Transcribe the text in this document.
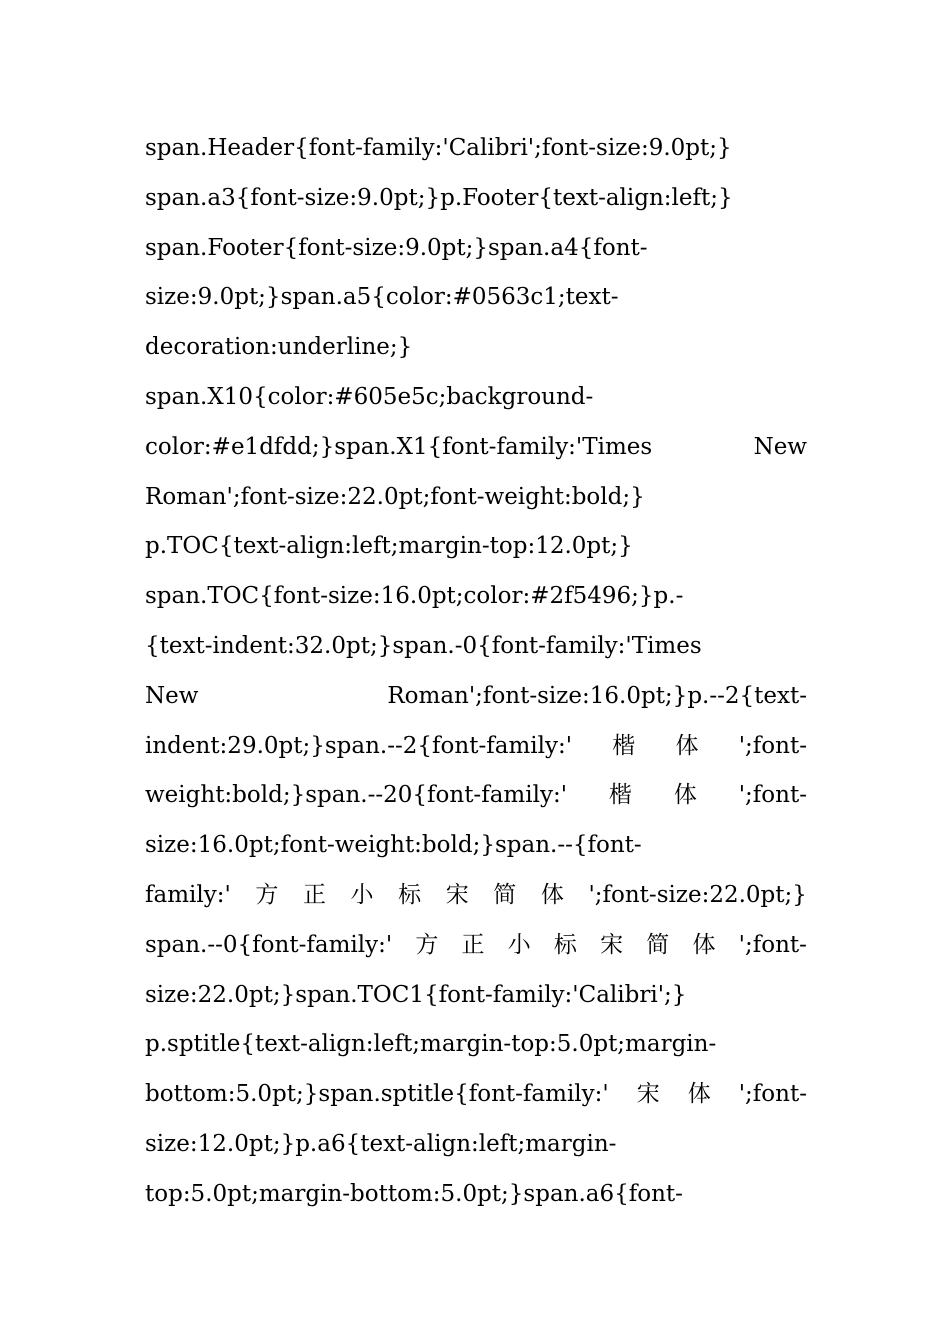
span.Header{font-family:'Calibri';font-size:9.0pt;}
span.a3{font-size:9.0pt;}p.Footer{text-align:left;}
span.Footer{font-size:9.0pt;}span.a4{font-
size:9.0pt;}span.a5{color:#0563c1;text-
decoration:underline;}
span.X10{color:#605e5c;background-
color:#e1dfdd;}span.X1{font-family:'Times	New
Roman';font-size:22.0pt;font-weight:bold;}
p.TOC{text-align:left;margin-top:12.0pt;}
span.TOC{font-size:16.0pt;color:#2f5496;}p.-
{text-indent:32.0pt;}span.-0{font-family:'Times
New	Roman';font-size:16.0pt;}p.--2{text-
indent:29.0pt;}span.--2{font-family:' 楷 体 ';font-
weight:bold;}span.--20{font-family:' 楷 体 ';font-
size:16.0pt;font-weight:bold;}span.--{font-
family:' 方 正 小 标 宋 简 体 ';font-size:22.0pt;}
span.--0{font-family:' 方 正 小 标 宋 简 体 ';font-
size:22.0pt;}span.TOC1{font-family:'Calibri';}
p.sptitle{text-align:left;margin-top:5.0pt;margin-
bottom:5.0pt;}span.sptitle{font-family:' 宋 体 ';font-
size:12.0pt;}p.a6{text-align:left;margin-
top:5.0pt;margin-bottom:5.0pt;}span.a6{font-
